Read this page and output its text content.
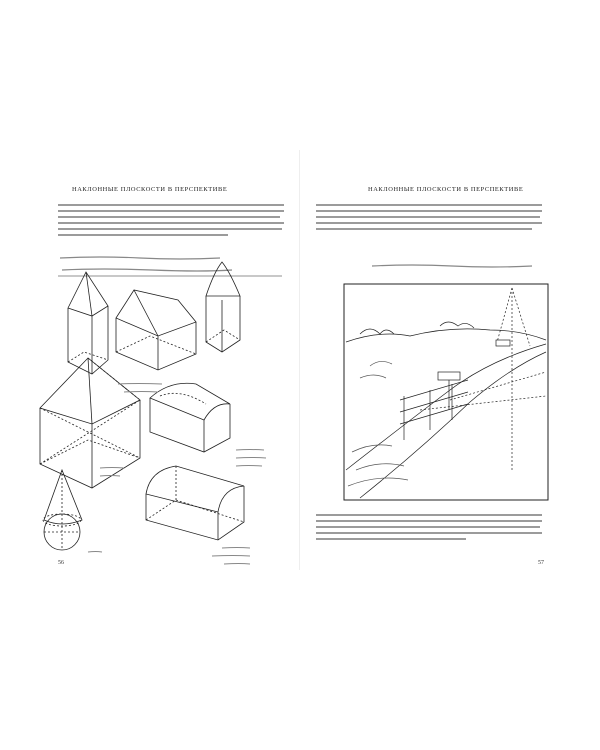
НАКЛОННЫЕ ПЛОСКОСТИ В ПЕРСПЕКТИВЕ
56
НАКЛОННЫЕ ПЛОСКОСТИ В ПЕРСПЕКТИВЕ
57
